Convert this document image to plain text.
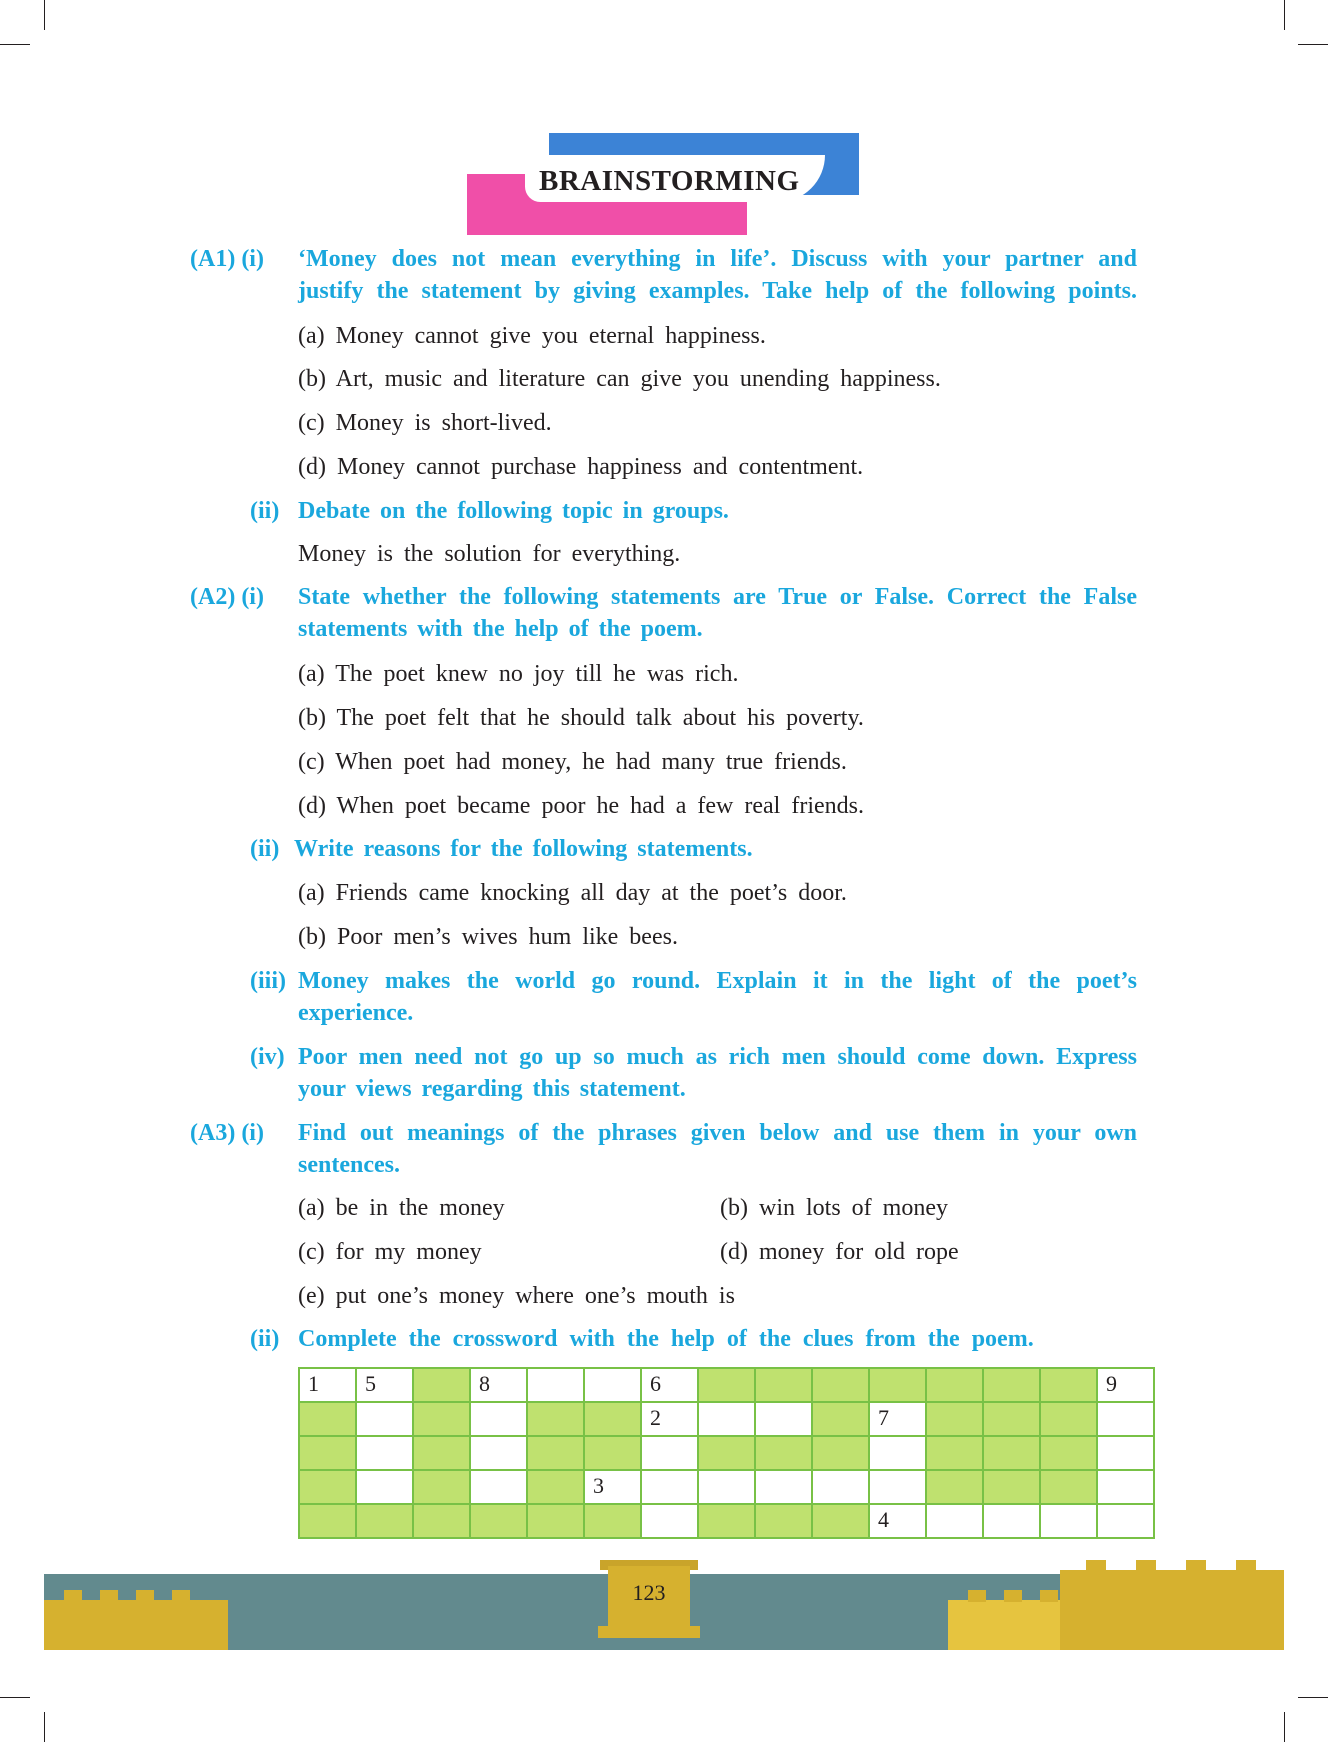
BRAINSTORMING
(A1) (i) ‘Money does not mean everything in life’. Discuss with your partner and
justify the statement by giving examples. Take help of the following points.
(a) Money cannot give you eternal happiness.
(b) Art, music and literature can give you unending happiness.
(c) Money is short-lived.
(d) Money cannot purchase happiness and contentment.
(ii) Debate on the following topic in groups.
Money is the solution for everything.
(A2) (i) State whether the following statements are True or False. Correct the False
statements with the help of the poem.
(a) The poet knew no joy till he was rich.
(b) The poet felt that he should talk about his poverty.
(c) When poet had money, he had many true friends.
(d) When poet became poor he had a few real friends.
(ii) Write reasons for the following statements.
(a) Friends came knocking all day at the poet’s door.
(b) Poor men’s wives hum like bees.
(iii) Money makes the world go round. Explain it in the light of the poet’s
experience.
(iv) Poor men need not go up so much as rich men should come down. Express
your views regarding this statement.
(A3) (i) Find out meanings of the phrases given below and use them in your own
sentences.
(a) be in the money	(b) win lots of money
(c) for my money	(d) money for old rope
(e) put one’s money where one’s mouth is
(ii) Complete the crossword with the help of the clues from the poem.
1	5		8			6								9

						2				7				

					3									

										4				

123
